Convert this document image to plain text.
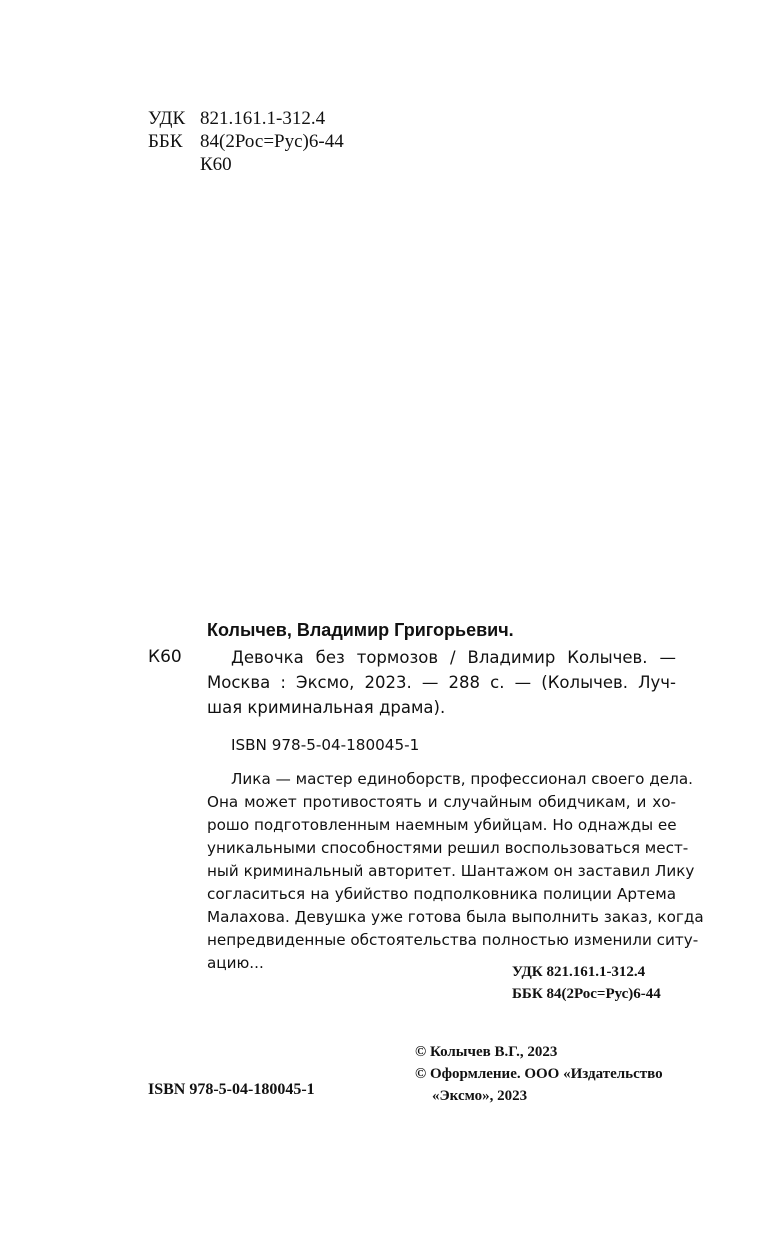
УДК 821.161.1-312.4
ББК 84(2Рос=Рус)6-44
К60
Колычев, Владимир Григорьевич.
К60	Девочка без тормозов / Владимир Колычев. —
Москва : Эксмо, 2023. — 288 с. — (Колычев. Луч-
шая криминальная драма).
ISBN 978-5-04-180045-1
Лика — мастер единоборств, профессионал своего дела.
Она может противостоять и случайным обидчикам, и хо-
рошо подготовленным наемным убийцам. Но однажды ее
уникальными способностями решил воспользоваться мест-
ный криминальный авторитет. Шантажом он заставил Лику
согласиться на убийство подполковника полиции Артема
Малахова. Девушка уже готова была выполнить заказ, когда
непредвиденные обстоятельства полностью изменили ситу-
ацию...	УДК 821.161.1-312.4
ББК 84(2Рос=Рус)6-44
© Колычев В.Г., 2023
© Оформление. ООО «Издательство
«Эксмо», 2023
ISBN 978-5-04-180045-1
